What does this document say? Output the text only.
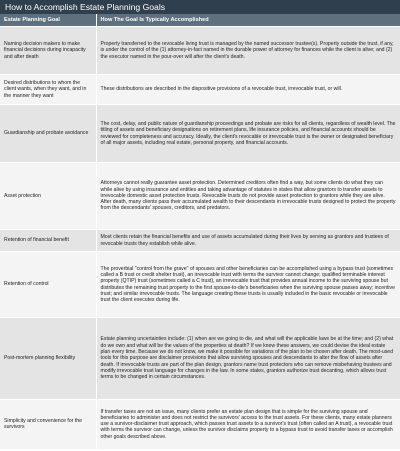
How to Accomplish Estate Planning Goals
Estate Planning Goal	How The Goal Is Typically Accomplished
Naming decision makers to make financial decisions during incapacity and after death	Property transferred to the revocable living trust is managed by the named successor trustee(s). Property outside the trust, if any, is under the control of the (1) attorney-in-fact named in the durable power of attorney for finances while the client is alive; and (2) the executor named in the pour-over will after the client's death.
Desired distributions to whom the client wants, when they want, and in the manner they want	These distributions are described in the dispositive provisions of a revocable trust, irrevocable trust, or will.
Guardianship and probate avoidance	The cost, delay, and public nature of guardianship proceedings and probate are risks for all clients, regardless of wealth level. The titling of assets and beneficiary designations on retirement plans, life insurance policies, and financial accounts should be reviewed for completeness and accuracy. Ideally, the client's revocable or irrevocable trust is the owner or designated beneficiary of all major assets, including real estate, personal property, and financial accounts.
Asset protection	Attorneys cannot really guarantee asset protection. Determined creditors often find a way, but some clients do what they can while alive by using insurance and entities and taking advantage of statutes in states that allow grantors to transfer assets to irrevocable domestic asset protection trusts. Revocable trusts do not provide asset protection to grantors while they are alive. After death, many clients pass their accumulated wealth to their descendants in irrevocable trusts designed to protect the property from the descendants' spouses, creditors, and predators.
Retention of financial benefit	Most clients retain the financial benefits and use of assets accumulated during their lives by serving as grantors and trustees of revocable trusts they establish while alive.
Retention of control	The proverbial "control from the grave" of spouses and other beneficiaries can be accomplished using a bypass trust (sometimes called a B trust or credit shelter trust), an irrevocable trust with terms the survivor cannot change; qualified terminable interest property (QTIP) trust (sometimes called a C trust), an irrevocable trust that provides annual income to the surviving spouse but distributes the remaining trust property to the first spouse-to-die's beneficiaries when the surviving spouse passes away; incentive trust; and similar irrevocable trusts. The language creating these trusts is usually included in the basic revocable or irrevocable trust the client executes during life.
Post-mortem planning flexibility	Estate planning uncertainties include: (1) when are we going to die, and what will the applicable laws be at the time; and (2) what do we own and what will be the values of the properties at death? If we knew these answers, we could devise the ideal estate plan every time. Because we do not know, we make it possible for variations of the plan to be chosen after death. The most-used tools for this purpose are disclaimer provisions that allow surviving spouses and descendants to alter the flow of assets after death. If irrevocable trusts are part of the plan design, grantors name trust protectors who can remove misbehaving trustees and modify irrevocable trust language for changes in the law. In some states, grantors authorize trust decanting, which allows trust terms to be changed in certain circumstances.
Simplicity and convenience for the survivors	If transfer taxes are not an issue, many clients prefer an estate plan design that is simple for the surviving spouse and beneficiaries to administer and does not restrict the survivors' access to the trust assets. For these clients, many estate planners use a survivor-disclaimer trust approach, which passes trust assets to a survivor's trust (often called an A trust), a revocable trust with terms the survivor can change, unless the survivor disclaims property to a bypass trust to avoid transfer taxes or accomplish other goals described above.
